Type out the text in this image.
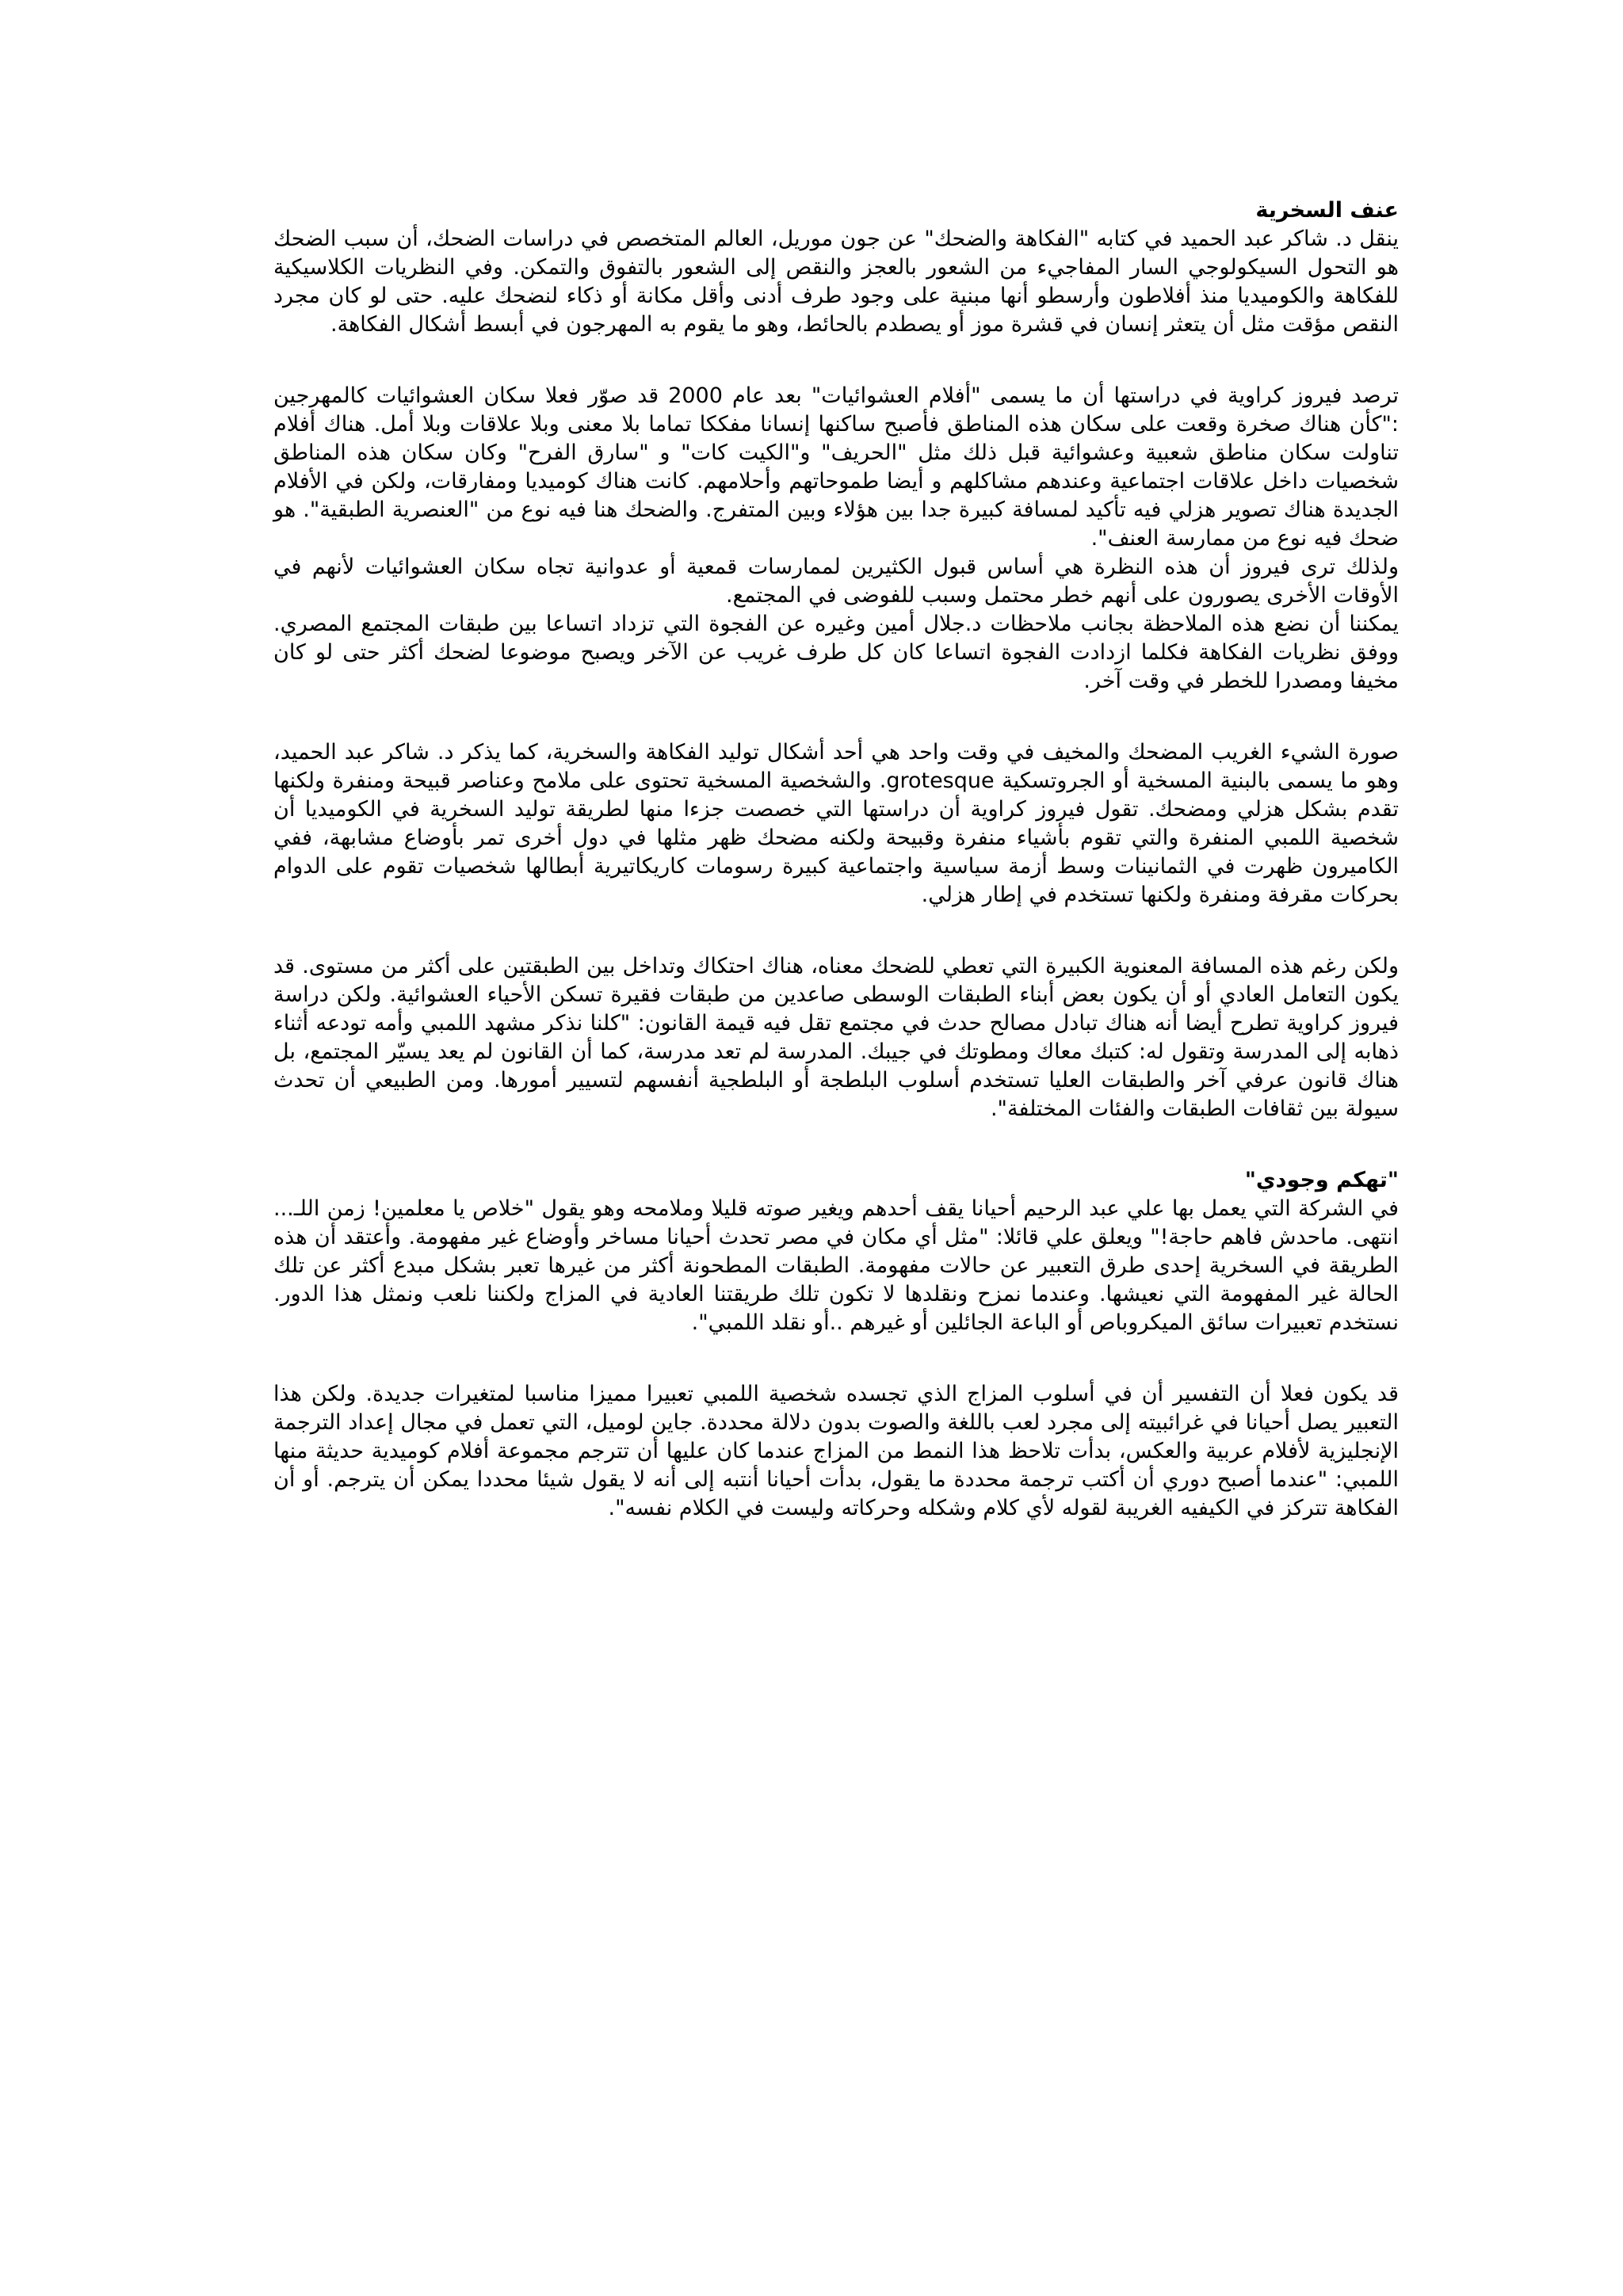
عنف السخرية

ينقل د. شاكر عبد الحميد في كتابه "الفكاهة والضحك" عن جون موريل، العالم المتخصص في دراسات الضحك، أن سبب الضحك هو التحول السيكولوجي السار المفاجيء من الشعور بالعجز والنقص إلى الشعور بالتفوق والتمكن. وفي النظريات الكلاسيكية للفكاهة والكوميديا منذ أفلاطون وأرسطو أنها مبنية على وجود طرف أدنى وأقل مكانة أو ذكاء لنضحك عليه. حتى لو كان مجرد النقص مؤقت مثل أن يتعثر إنسان في قشرة موز أو يصطدم بالحائط، وهو ما يقوم به المهرجون في أبسط أشكال الفكاهة.

ترصد فيروز كراوية في دراستها أن ما يسمى "أفلام العشوائيات" بعد عام 2000 قد صوّر فعلا سكان العشوائيات كالمهرجين :"كأن هناك صخرة وقعت على سكان هذه المناطق فأصبح ساكنها إنسانا مفككا تماما بلا معنى وبلا علاقات وبلا أمل. هناك أفلام تناولت سكان مناطق شعبية وعشوائية قبل ذلك مثل "الحريف" و"الكيت كات" و "سارق الفرح" وكان سكان هذه المناطق شخصيات داخل علاقات اجتماعية وعندهم مشاكلهم و أيضا طموحاتهم وأحلامهم. كانت هناك كوميديا ومفارقات، ولكن في الأفلام الجديدة هناك تصوير هزلي فيه تأكيد لمسافة كبيرة جدا بين هؤلاء وبين المتفرج. والضحك هنا فيه نوع من "العنصرية الطبقية". هو ضحك فيه نوع من ممارسة العنف".

ولذلك ترى فيروز أن هذه النظرة هي أساس قبول الكثيرين لممارسات قمعية أو عدوانية تجاه سكان العشوائيات لأنهم في الأوقات الأخرى يصورون على أنهم خطر محتمل وسبب للفوضى في المجتمع.

يمكننا أن نضع هذه الملاحظة بجانب ملاحظات د.جلال أمين وغيره عن الفجوة التي تزداد اتساعا بين طبقات المجتمع المصري. ووفق نظريات الفكاهة فكلما ازدادت الفجوة اتساعا كان كل طرف غريب عن الآخر ويصبح موضوعا لضحك أكثر حتى لو كان مخيفا ومصدرا للخطر في وقت آخر.

صورة الشيء الغريب المضحك والمخيف في وقت واحد هي أحد أشكال توليد الفكاهة والسخرية، كما يذكر د. شاكر عبد الحميد، وهو ما يسمى بالبنية المسخية أو الجروتسكية grotesque. والشخصية المسخية تحتوى على ملامح وعناصر قبيحة ومنفرة ولكنها تقدم بشكل هزلي ومضحك. تقول فيروز كراوية أن دراستها التي خصصت جزءا منها لطريقة توليد السخرية في الكوميديا أن شخصية اللمبي المنفرة والتي تقوم بأشياء منفرة وقبيحة ولكنه مضحك ظهر مثلها في دول أخرى تمر بأوضاع مشابهة، ففي الكاميرون ظهرت في الثمانينات وسط أزمة سياسية واجتماعية كبيرة رسومات كاريكاتيرية أبطالها شخصيات تقوم على الدوام بحركات مقرفة ومنفرة ولكنها تستخدم في إطار هزلي.

ولكن رغم هذه المسافة المعنوية الكبيرة التي تعطي للضحك معناه، هناك احتكاك وتداخل بين الطبقتين على أكثر من مستوى. قد يكون التعامل العادي أو أن يكون بعض أبناء الطبقات الوسطى صاعدين من طبقات فقيرة تسكن الأحياء العشوائية. ولكن دراسة فيروز كراوية تطرح أيضا أنه هناك تبادل مصالح حدث في مجتمع تقل فيه قيمة القانون: "كلنا نذكر مشهد اللمبي وأمه تودعه أثناء ذهابه إلى المدرسة وتقول له: كتبك معاك ومطوتك في جيبك. المدرسة لم تعد مدرسة، كما أن القانون لم يعد يسيّر المجتمع، بل هناك قانون عرفي آخر والطبقات العليا تستخدم أسلوب البلطجة أو البلطجية أنفسهم لتسيير أمورها. ومن الطبيعي أن تحدث سيولة بين ثقافات الطبقات والفئات المختلفة".

"تهكم وجودي"

في الشركة التي يعمل بها علي عبد الرحيم أحيانا يقف أحدهم ويغير صوته قليلا وملامحه وهو يقول "خلاص يا معلمين! زمن اللـ... انتهى. ماحدش فاهم حاجة!" ويعلق علي قائلا: "مثل أي مكان في مصر تحدث أحيانا مساخر وأوضاع غير مفهومة. وأعتقد أن هذه الطريقة في السخرية إحدى طرق التعبير عن حالات مفهومة. الطبقات المطحونة أكثر من غيرها تعبر بشكل مبدع أكثر عن تلك الحالة غير المفهومة التي نعيشها. وعندما نمزح ونقلدها لا تكون تلك طريقتنا العادية في المزاج ولكننا نلعب ونمثل هذا الدور. نستخدم تعبيرات سائق الميكروباص أو الباعة الجائلين أو غيرهم ..أو نقلد اللمبي".

قد يكون فعلا أن التفسير أن في أسلوب المزاج الذي تجسده شخصية اللمبي تعبيرا مميزا مناسبا لمتغيرات جديدة. ولكن هذا التعبير يصل أحيانا في غرائبيته إلى مجرد لعب باللغة والصوت بدون دلالة محددة. جاين لوميل، التي تعمل في مجال إعداد الترجمة الإنجليزية لأفلام عربية والعكس، بدأت تلاحظ هذا النمط من المزاج عندما كان عليها أن تترجم مجموعة أفلام كوميدية حديثة منها اللمبي: "عندما أصبح دوري أن أكتب ترجمة محددة ما يقول، بدأت أحيانا أنتبه إلى أنه لا يقول شيئا محددا يمكن أن يترجم. أو أن الفكاهة تتركز في الكيفيه الغريبة لقوله لأي كلام وشكله وحركاته وليست في الكلام نفسه".
